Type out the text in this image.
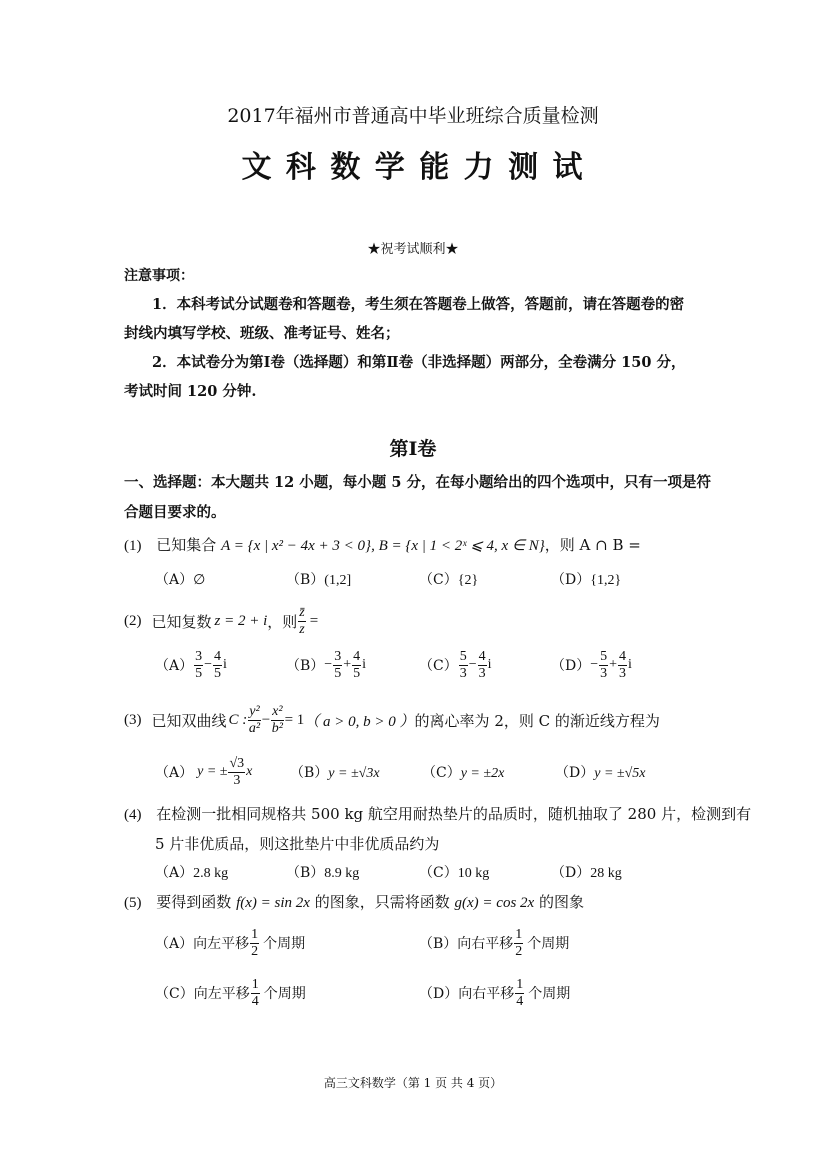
2017年福州市普通高中毕业班综合质量检测
文 科 数 学 能 力 测 试
★祝考试顺利★
注意事项：
1．本科考试分试题卷和答题卷，考生须在答题卷上做答，答题前，请在答题卷的密
封线内填写学校、班级、准考证号、姓名；
2．本试卷分为第Ⅰ卷（选择题）和第Ⅱ卷（非选择题）两部分，全卷满分 150 分，
考试时间 120 分钟.
第Ⅰ卷
一、选择题：本大题共 12 小题，每小题 5 分，在每小题给出的四个选项中，只有一项是符
合题目要求的。
(1) 已知集合 A = {x | x² − 4x + 3 < 0}, B = {x | 1 < 2ˣ ⩽ 4, x ∈ N}，则 A ∩ B =
（A）∅	（B）(1,2]	（C）{2}	（D）{1,2}
(2) 已知复数 z = 2 + i ，则 $\frac{z̄}{z}$ =
$(A) \frac{3}{5} - \frac{4}{5}$ i	$(B) - \frac{3}{5} + \frac{4}{5}$ i	$(C) \frac{5}{3} - \frac{4}{3}$ i	$(D) - \frac{5}{3} + \frac{4}{3}$ i
(3) 已知双曲线 C : $\frac{\text{y²}}{\text{a²}} - \frac{\text{x²}}{\text{b²}} = 1$ （ a > 0, b > 0 ） 的离心率为 2，则 C 的渐近线方程为
（A） y = ± $\frac{√3}{3}$ x	（B）y = ±√3x	（C）y = ±2x	（D）y = ±√5x
(4) 在检测一批相同规格共 500 kg 航空用耐热垫片的品质时，随机抽取了 280 片，检测到有
5 片非优质品，则这批垫片中非优质品约为
（A）2.8 kg	（B）8.9 kg	（C）10 kg	（D）28 kg
(5) 要得到函数 f(x) = sin 2x 的图象，只需将函数 g(x) = cos 2x 的图象
（A） 向左平移 $\frac{1}{2}$ 个周期	（B） 向右平移 $\frac{1}{2}$ 个周期
（C） 向左平移 $\frac{1}{4}$ 个周期	（D） 向右平移 $\frac{1}{4}$ 个周期
高三文科数学（第 1 页 共 4 页）
